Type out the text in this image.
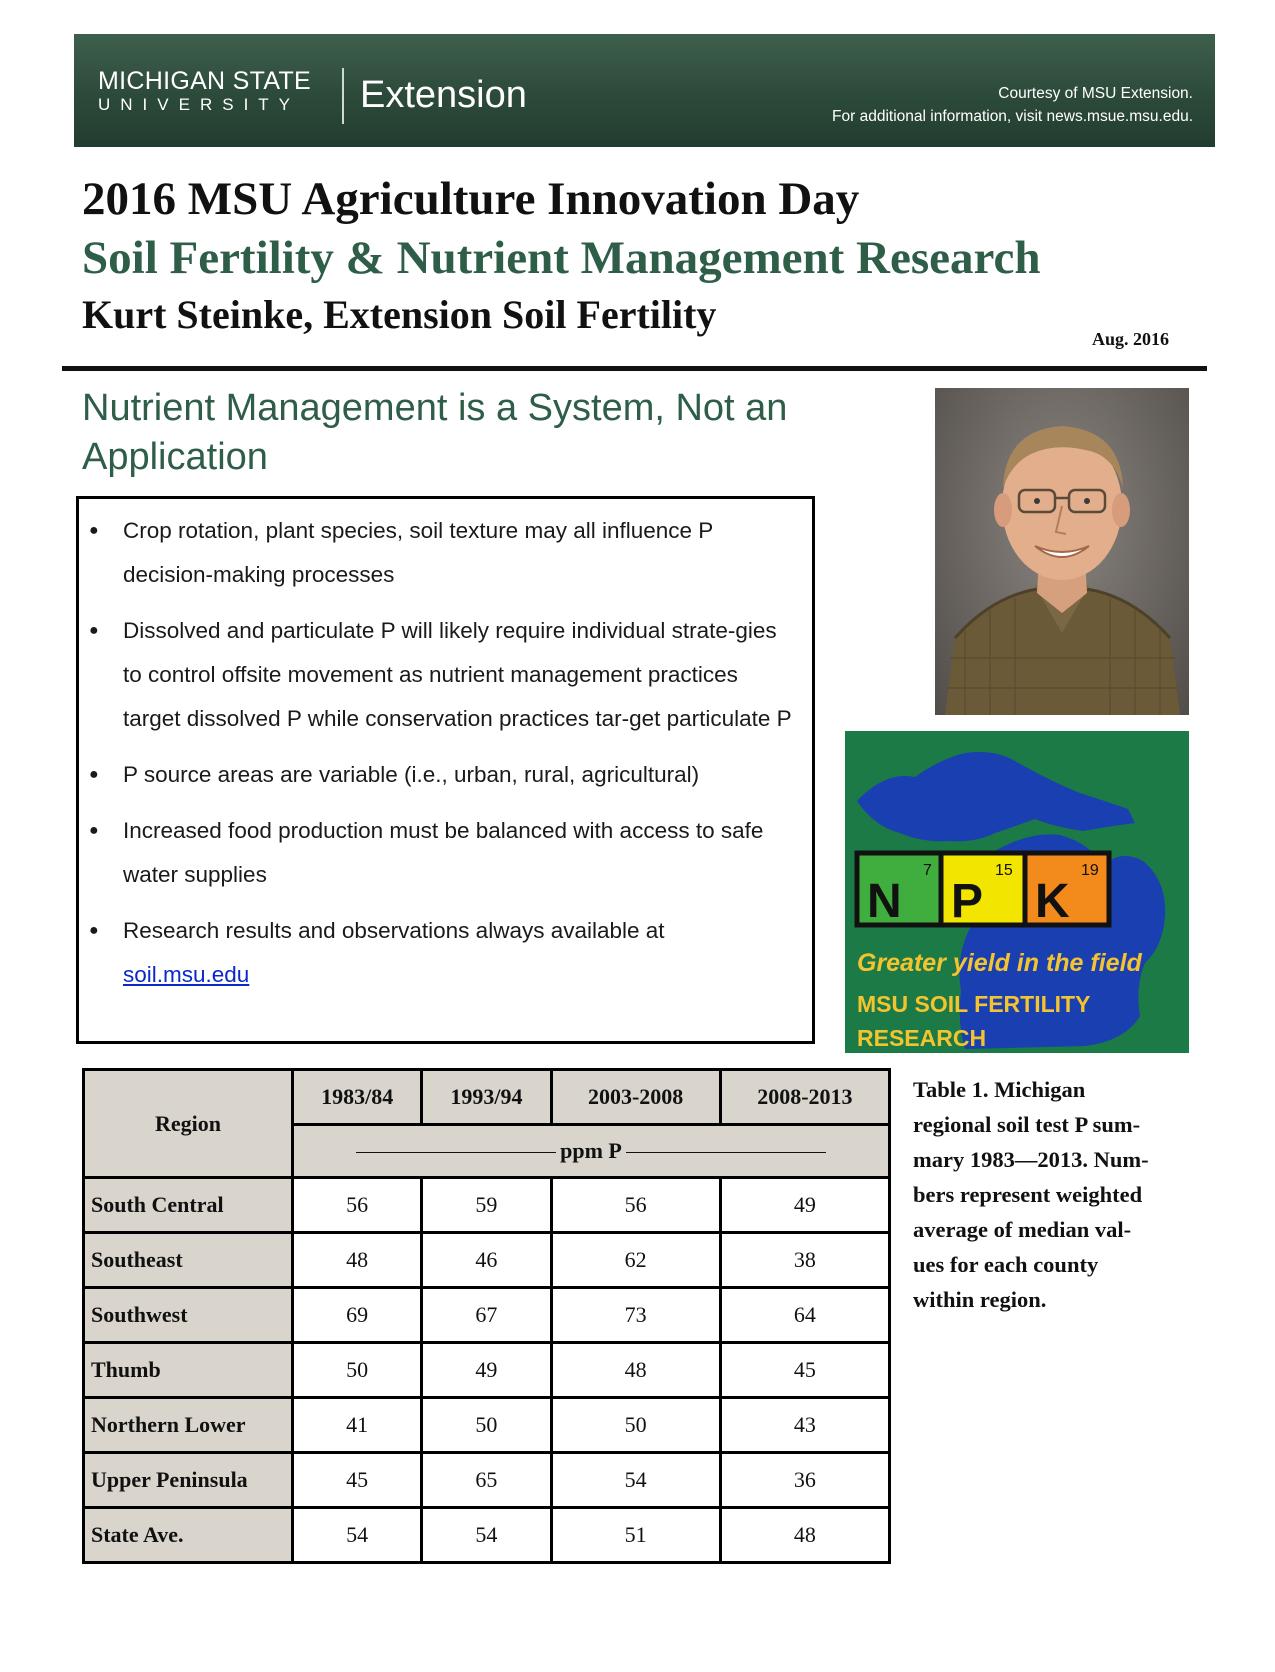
MICHIGAN STATE
UNIVERSITY Extension	Courtesy of MSU Extension.
For additional information, visit news.msue.msu.edu.
2016 MSU Agriculture Innovation Day
Soil Fertility & Nutrient Management Research
Kurt Steinke, Extension Soil Fertility
Aug. 2016
Nutrient Management is a System, Not an Application
● Crop rotation, plant species, soil texture may all influence P decision-making processes
● Dissolved and particulate P will likely require individual strate-gies to control offsite movement as nutrient management practices target dissolved P while conservation practices tar-get particulate P
● P source areas are variable (i.e., urban, rural, agricultural)
● Increased food production must be balanced with access to safe water supplies
● Research results and observations always available at
soil.msu.edu
7	15	19
N P K
Greater yield in the field
MSU SOIL FERTILITY
RESEARCH
Region	1983/84	1993/94	2003-2008	2008-2013
	ppm P			
South Central	56	59	56	49
Southeast	48	46	62	38
Southwest	69	67	73	64
Thumb	50	49	48	45
Northern Lower	41	50	50	43
Upper Peninsula	45	65	54	36
State Ave.	54	54	51	48
Table 1. Michigan
regional soil test P sum-
mary 1983—2013. Num-
bers represent weighted
average of median val-
ues for each county
within region.
